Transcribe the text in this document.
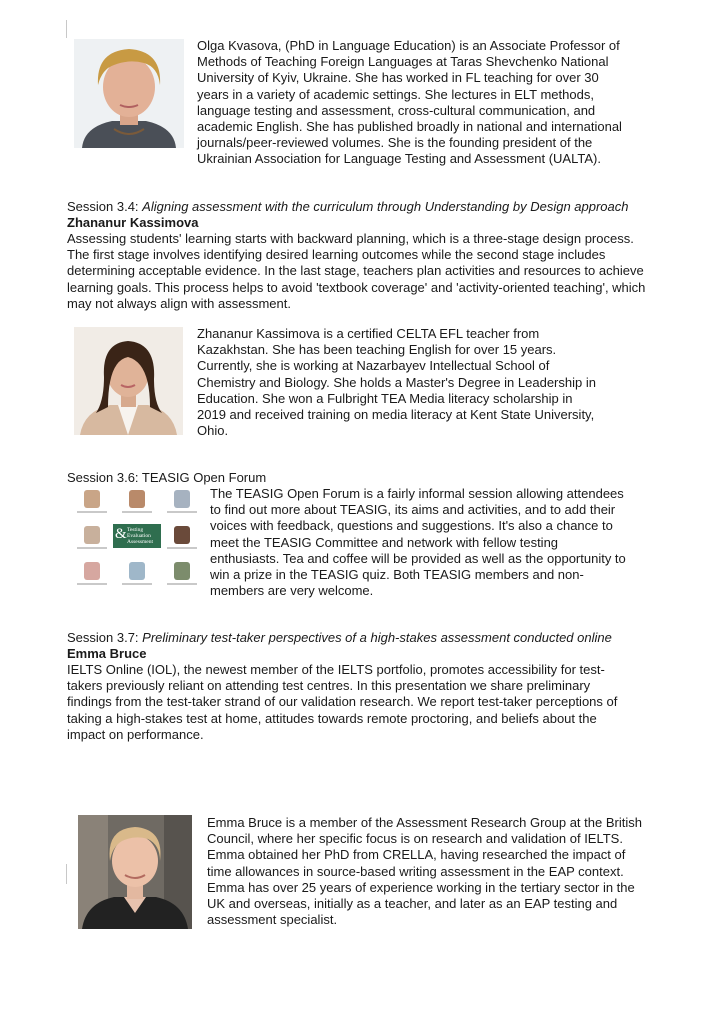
Olga Kvasova, (PhD in Language Education) is an Associate Professor of Methods of Teaching Foreign Languages at Taras Shevchenko National University of Kyiv, Ukraine. She has worked in FL teaching for over 30 years in a variety of academic settings. She lectures in ELT methods, language testing and assessment, cross-cultural communication, and academic English. She has published broadly in national and international journals/peer-reviewed volumes. She is the founding president of the Ukrainian Association for Language Testing and Assessment (UALTA).

Session 3.4: Aligning assessment with the curriculum through Understanding by Design approach

Zhananur Kassimova

Assessing students' learning starts with backward planning, which is a three-stage design process. The first stage involves identifying desired learning outcomes while the second stage includes determining acceptable evidence. In the last stage, teachers plan activities and resources to achieve learning goals. This process helps to avoid 'textbook coverage' and 'activity-oriented teaching', which may not always align with assessment.

Zhananur Kassimova is a certified CELTA EFL teacher from Kazakhstan. She has been teaching English for over 15 years. Currently, she is working at Nazarbayev Intellectual School of Chemistry and Biology. She holds a Master's Degree in Leadership in Education. She won a Fulbright TEA Media literacy scholarship in 2019 and received training on media literacy at Kent State University, Ohio.

Session 3.6: TEASIG Open Forum

& Testing
Evaluation
Assessment

The TEASIG Open Forum is a fairly informal session allowing attendees to find out more about TEASIG, its aims and activities, and to add their voices with feedback, questions and suggestions. It's also a chance to meet the TEASIG Committee and network with fellow testing enthusiasts. Tea and coffee will be provided as well as the opportunity to win a prize in the TEASIG quiz. Both TEASIG members and non-members are very welcome.

Session 3.7: Preliminary test-taker perspectives of a high-stakes assessment conducted online

Emma Bruce

IELTS Online (IOL), the newest member of the IELTS portfolio, promotes accessibility for test-takers previously reliant on attending test centres. In this presentation we share preliminary findings from the test-taker strand of our validation research. We report test-taker perceptions of taking a high-stakes test at home, attitudes towards remote proctoring, and beliefs about the impact on performance.

Emma Bruce is a member of the Assessment Research Group at the British Council, where her specific focus is on research and validation of IELTS. Emma obtained her PhD from CRELLA, having researched the impact of time allowances in source-based writing assessment in the EAP context. Emma has over 25 years of experience working in the tertiary sector in the UK and overseas, initially as a teacher, and later as an EAP testing and assessment specialist.
